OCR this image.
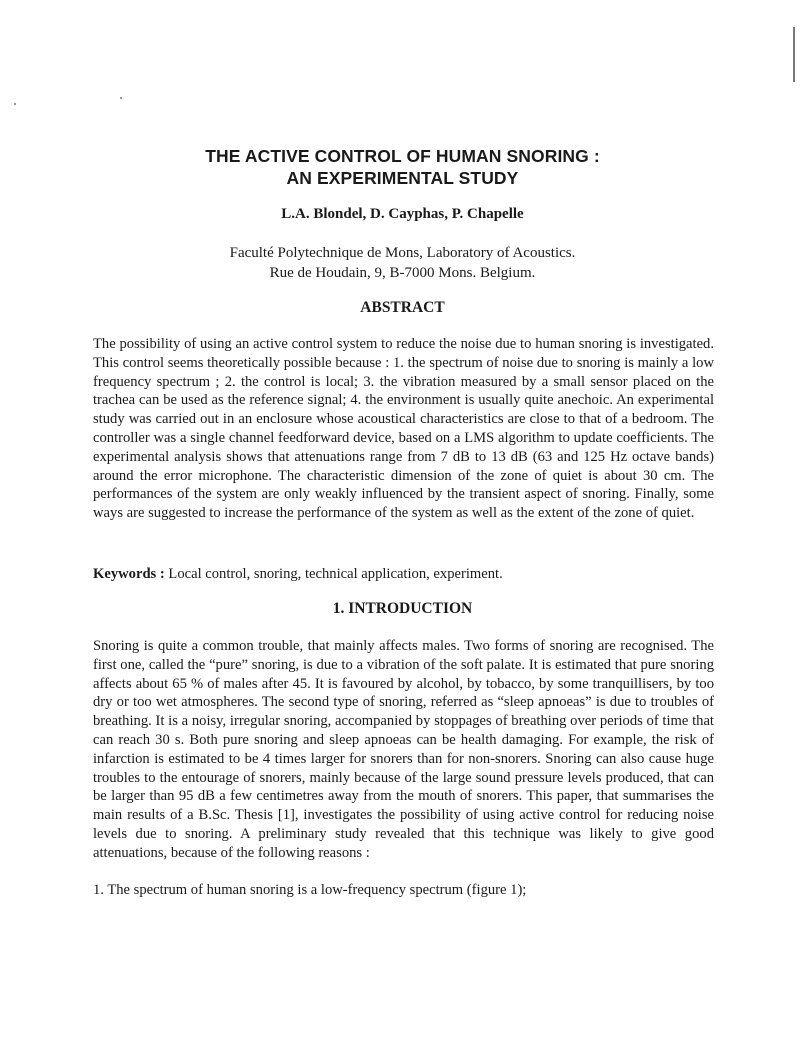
THE ACTIVE CONTROL OF HUMAN SNORING :
AN EXPERIMENTAL STUDY
L.A. Blondel, D. Cayphas, P. Chapelle
Faculté Polytechnique de Mons, Laboratory of Acoustics.
Rue de Houdain, 9, B-7000 Mons. Belgium.
ABSTRACT

The possibility of using an active control system to reduce the noise due to human snoring is investigated. This control seems theoretically possible because : 1. the spectrum of noise due to snoring is mainly a low frequency spectrum ; 2. the control is local; 3. the vibration measured by a small sensor placed on the trachea can be used as the reference signal; 4. the environment is usually quite anechoic. An experimental study was carried out in an enclosure whose acoustical characteristics are close to that of a bedroom. The controller was a single channel feedforward device, based on a LMS algorithm to update coefficients. The experimental analysis shows that attenuations range from 7 dB to 13 dB (63 and 125 Hz octave bands) around the error microphone. The characteristic dimension of the zone of quiet is about 30 cm. The performances of the system are only weakly influenced by the transient aspect of snoring. Finally, some ways are suggested to increase the performance of the system as well as the extent of the zone of quiet.

Keywords : Local control, snoring, technical application, experiment.
1. INTRODUCTION

Snoring is quite a common trouble, that mainly affects males. Two forms of snoring are recognised. The first one, called the “pure” snoring, is due to a vibration of the soft palate. It is estimated that pure snoring affects about 65 % of males after 45. It is favoured by alcohol, by tobacco, by some tranquillisers, by too dry or too wet atmospheres. The second type of snoring, referred as “sleep apnoeas” is due to troubles of breathing. It is a noisy, irregular snoring, accompanied by stoppages of breathing over periods of time that can reach 30 s. Both pure snoring and sleep apnoeas can be health damaging. For example, the risk of infarction is estimated to be 4 times larger for snorers than for non-snorers. Snoring can also cause huge troubles to the entourage of snorers, mainly because of the large sound pressure levels produced, that can be larger than 95 dB a few centimetres away from the mouth of snorers. This paper, that summarises the main results of a B.Sc. Thesis [1], investigates the possibility of using active control for reducing noise levels due to snoring. A preliminary study revealed that this technique was likely to give good attenuations, because of the following reasons :

1. The spectrum of human snoring is a low-frequency spectrum (figure 1);
